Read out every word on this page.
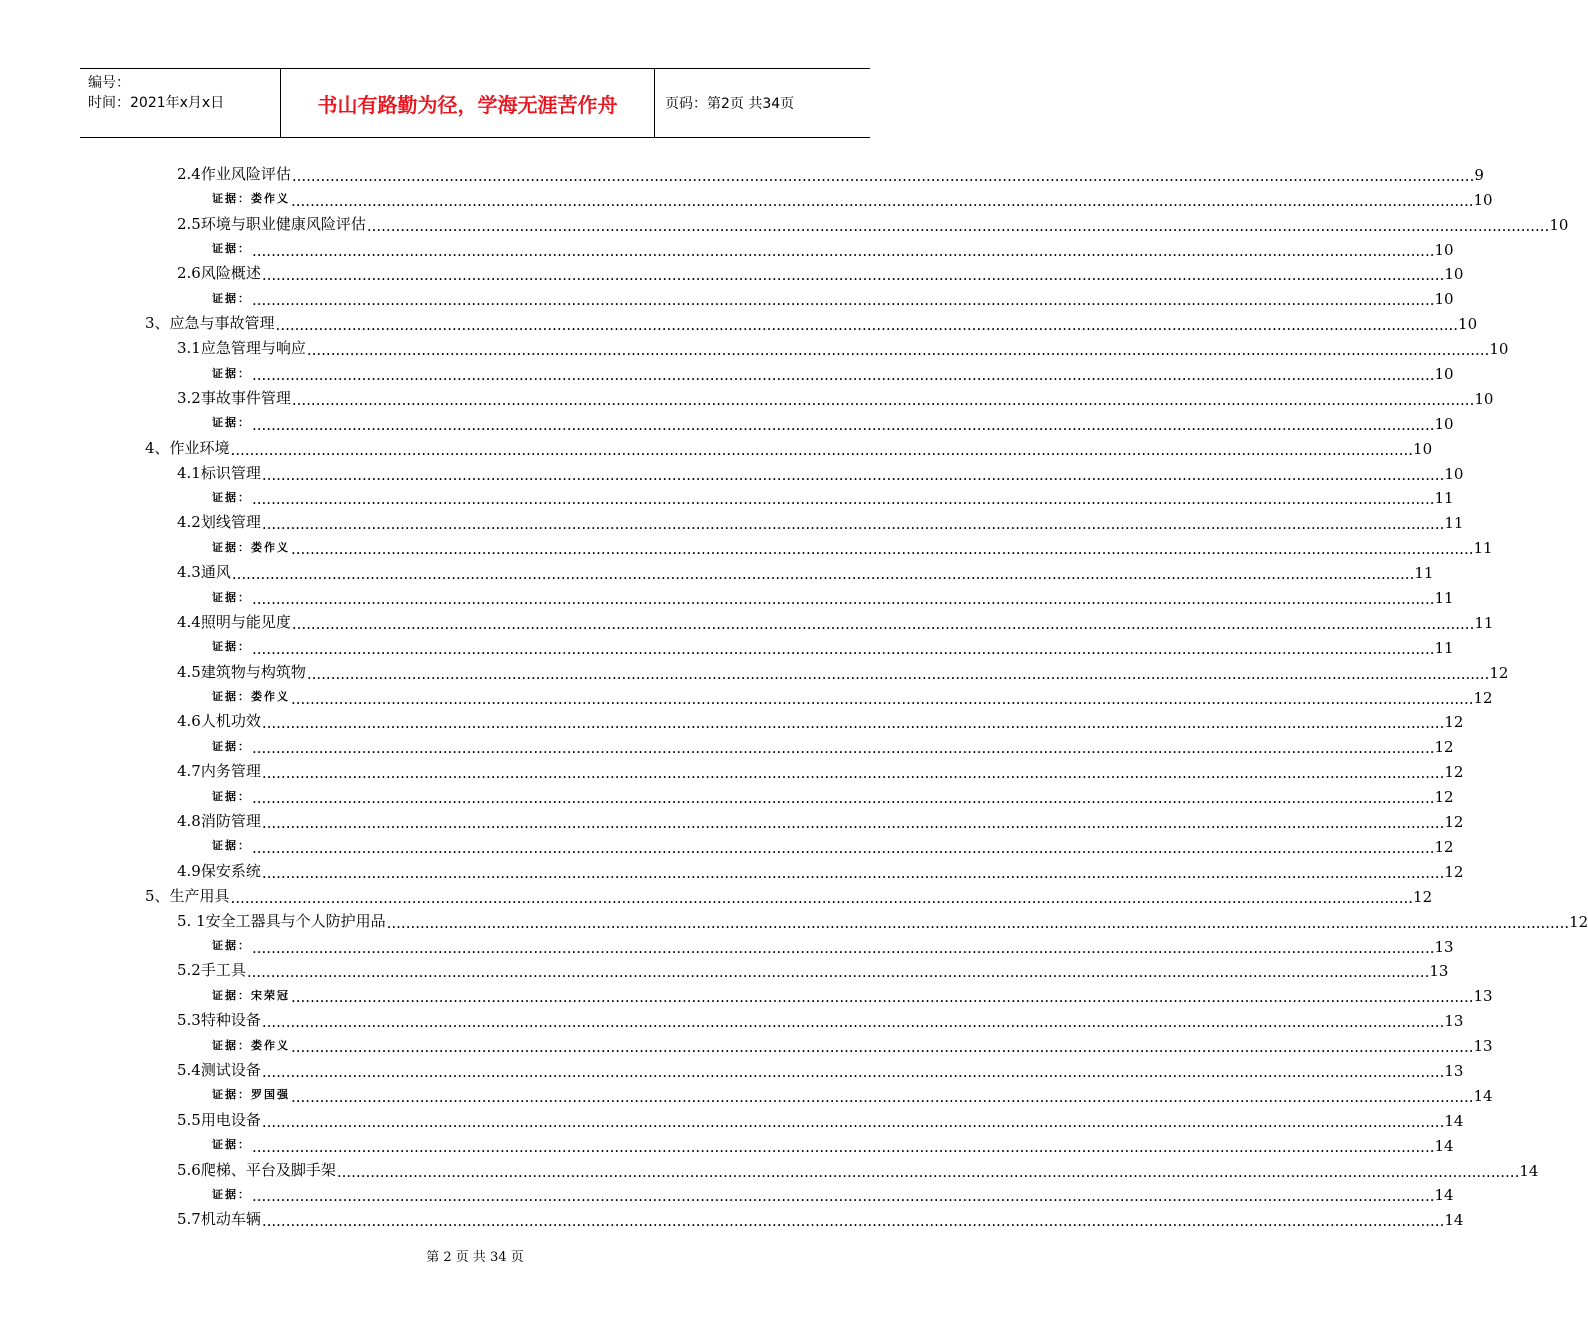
编号：
时间：2021年x月x日	书山有路勤为径，学海无涯苦作舟	页码：第2页 共34页
2.4作业风险评估 .....	9
证据：娄作义 .....	10
2.5环境与职业健康风险评估 .....	10
证据： .....	10
2.6风险概述 .....	10
证据： .....	10
3、应急与事故管理 .....	10
3.1应急管理与响应 .....	10
证据： .....	10
3.2事故事件管理 .....	10
证据： .....	10
4、作业环境 .....	10
4.1标识管理 .....	10
证据： .....	11
4.2划线管理 .....	11
证据：娄作义 .....	11
4.3通风 .....	11
证据： .....	11
4.4照明与能见度 .....	11
证据： .....	11
4.5建筑物与构筑物 .....	12
证据：娄作义 .....	12
4.6人机功效 .....	12
证据： .....	12
4.7内务管理 .....	12
证据： .....	12
4.8消防管理 .....	12
证据： .....	12
4.9保安系统 .....	12
5、生产用具 .....	12
5. 1安全工器具与个人防护用品 .....	12
证据： .....	13
5.2手工具 .....	13
证据：宋荣冠 .....	13
5.3特种设备 .....	13
证据：娄作义 .....	13
5.4测试设备 .....	13
证据：罗国强 .....	14
5.5用电设备 .....	14
证据： .....	14
5.6爬梯、平台及脚手架 .....	14
证据： .....	14
5.7机动车辆 .....	14
第 2 页 共 34 页
